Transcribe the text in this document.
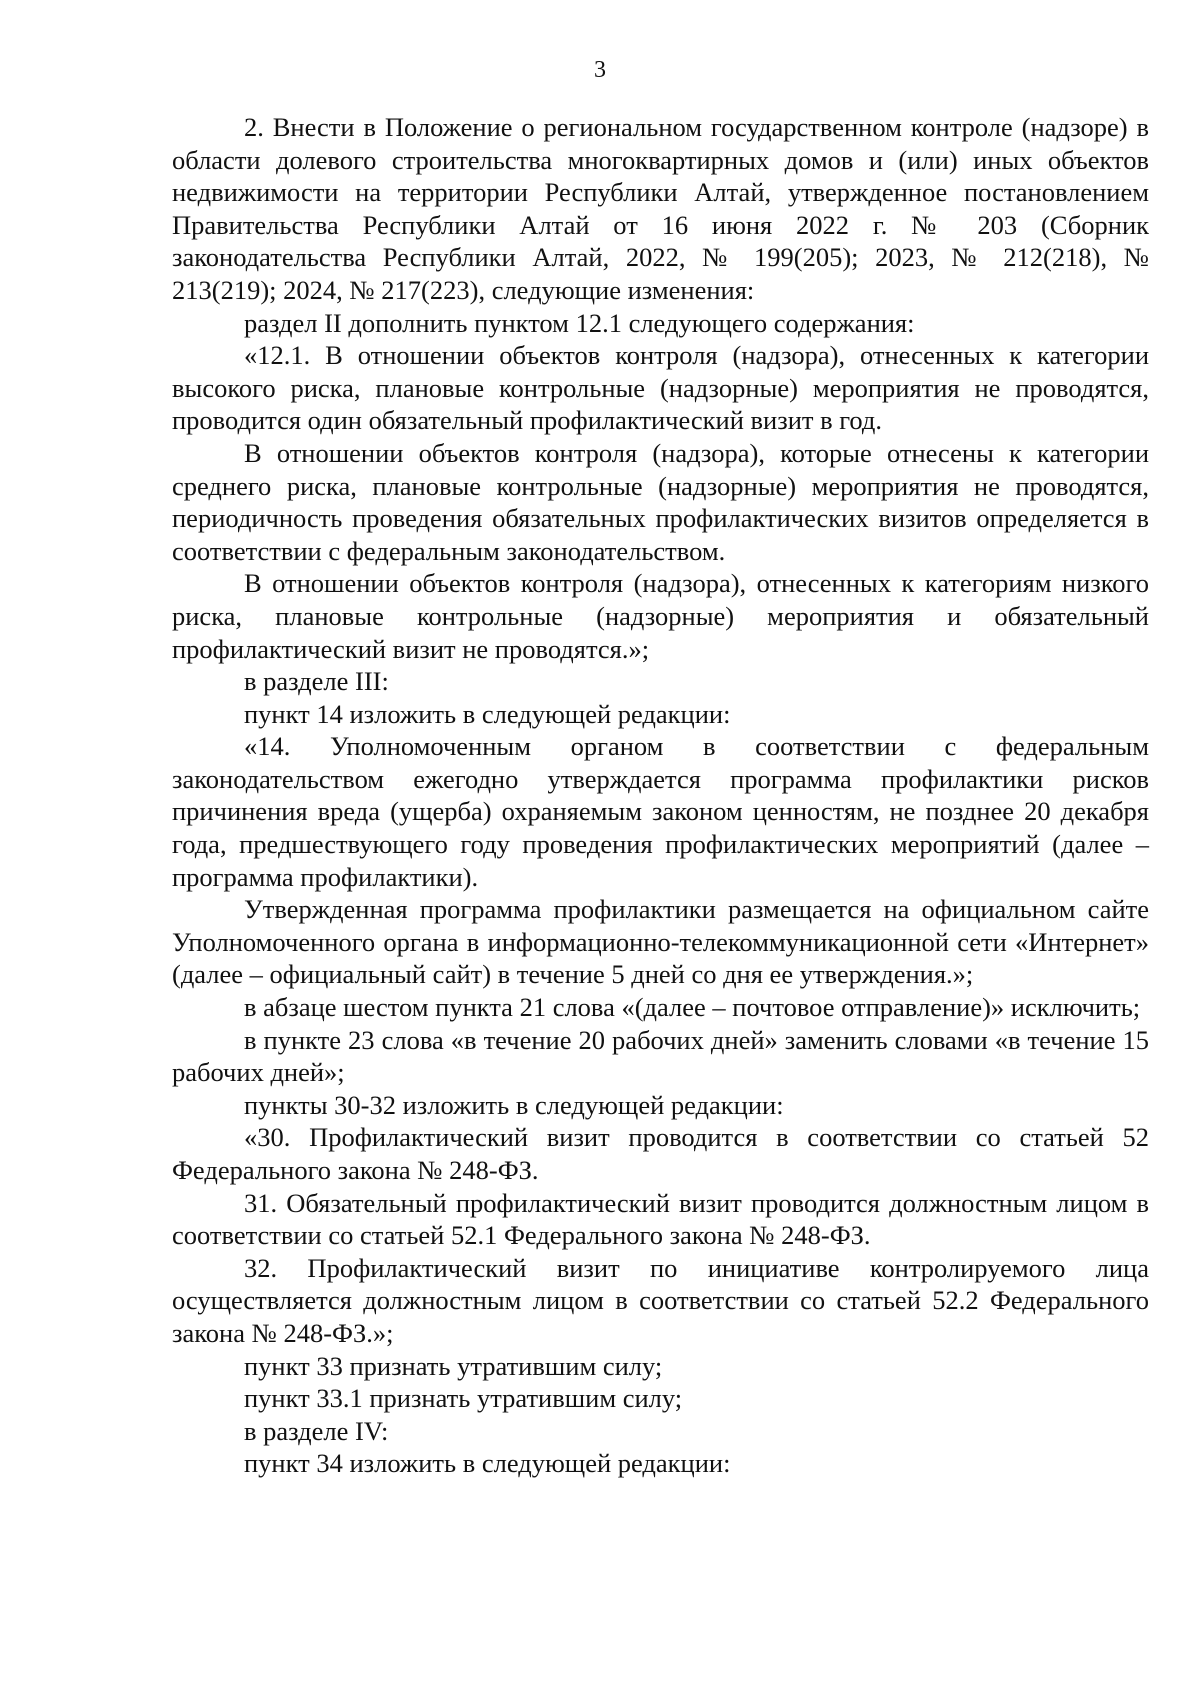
3

2. Внести в Положение о региональном государственном контроле (надзоре) в области долевого строительства многоквартирных домов и (или) иных объектов недвижимости на территории Республики Алтай, утвержденное постановлением Правительства Республики Алтай от 16 июня 2022 г. № 203 (Сборник законодательства Республики Алтай, 2022, № 199(205); 2023, № 212(218), № 213(219); 2024, № 217(223), следующие изменения:

раздел II дополнить пунктом 12.1 следующего содержания:

«12.1. В отношении объектов контроля (надзора), отнесенных к категории высокого риска, плановые контрольные (надзорные) мероприятия не проводятся, проводится один обязательный профилактический визит в год.

В отношении объектов контроля (надзора), которые отнесены к категории среднего риска, плановые контрольные (надзорные) мероприятия не проводятся, периодичность проведения обязательных профилактических визитов определяется в соответствии с федеральным законодательством.

В отношении объектов контроля (надзора), отнесенных к категориям низкого риска, плановые контрольные (надзорные) мероприятия и обязательный профилактический визит не проводятся.»;

в разделе III:

пункт 14 изложить в следующей редакции:

«14. Уполномоченным органом в соответствии с федеральным законодательством ежегодно утверждается программа профилактики рисков причинения вреда (ущерба) охраняемым законом ценностям, не позднее 20 декабря года, предшествующего году проведения профилактических мероприятий (далее – программа профилактики).

Утвержденная программа профилактики размещается на официальном сайте Уполномоченного органа в информационно-телекоммуникационной сети «Интернет» (далее – официальный сайт) в течение 5 дней со дня ее утверждения.»;

в абзаце шестом пункта 21 слова «(далее – почтовое отправление)» исключить;

в пункте 23 слова «в течение 20 рабочих дней» заменить словами «в течение 15 рабочих дней»;

пункты 30-32 изложить в следующей редакции:

«30. Профилактический визит проводится в соответствии со статьей 52 Федерального закона № 248-ФЗ.

31. Обязательный профилактический визит проводится должностным лицом в соответствии со статьей 52.1 Федерального закона № 248-ФЗ.

32. Профилактический визит по инициативе контролируемого лица осуществляется должностным лицом в соответствии со статьей 52.2 Федерального закона № 248-ФЗ.»;

пункт 33 признать утратившим силу;

пункт 33.1 признать утратившим силу;

в разделе IV:

пункт 34 изложить в следующей редакции:
